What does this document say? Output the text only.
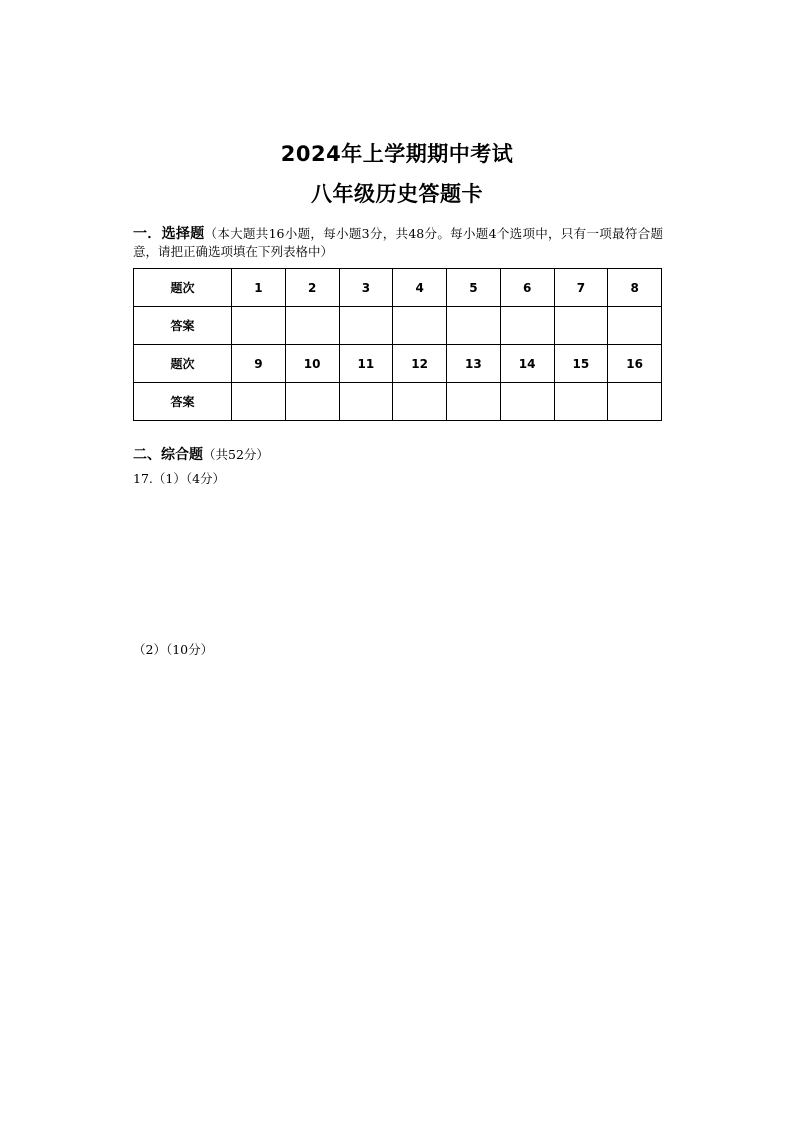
2024年上学期期中考试
八年级历史答题卡
一．选择题（本大题共16小题，每小题3分，共48分。每小题4个选项中，只有一项最符合题意，请把正确选项填在下列表格中）
题次	1	2	3	4	5	6	7	8
答案								
题次	9	10	11	12	13	14	15	16
答案								
二、综合题（共52分）
17.（1）（4分）
（2）（10分）
